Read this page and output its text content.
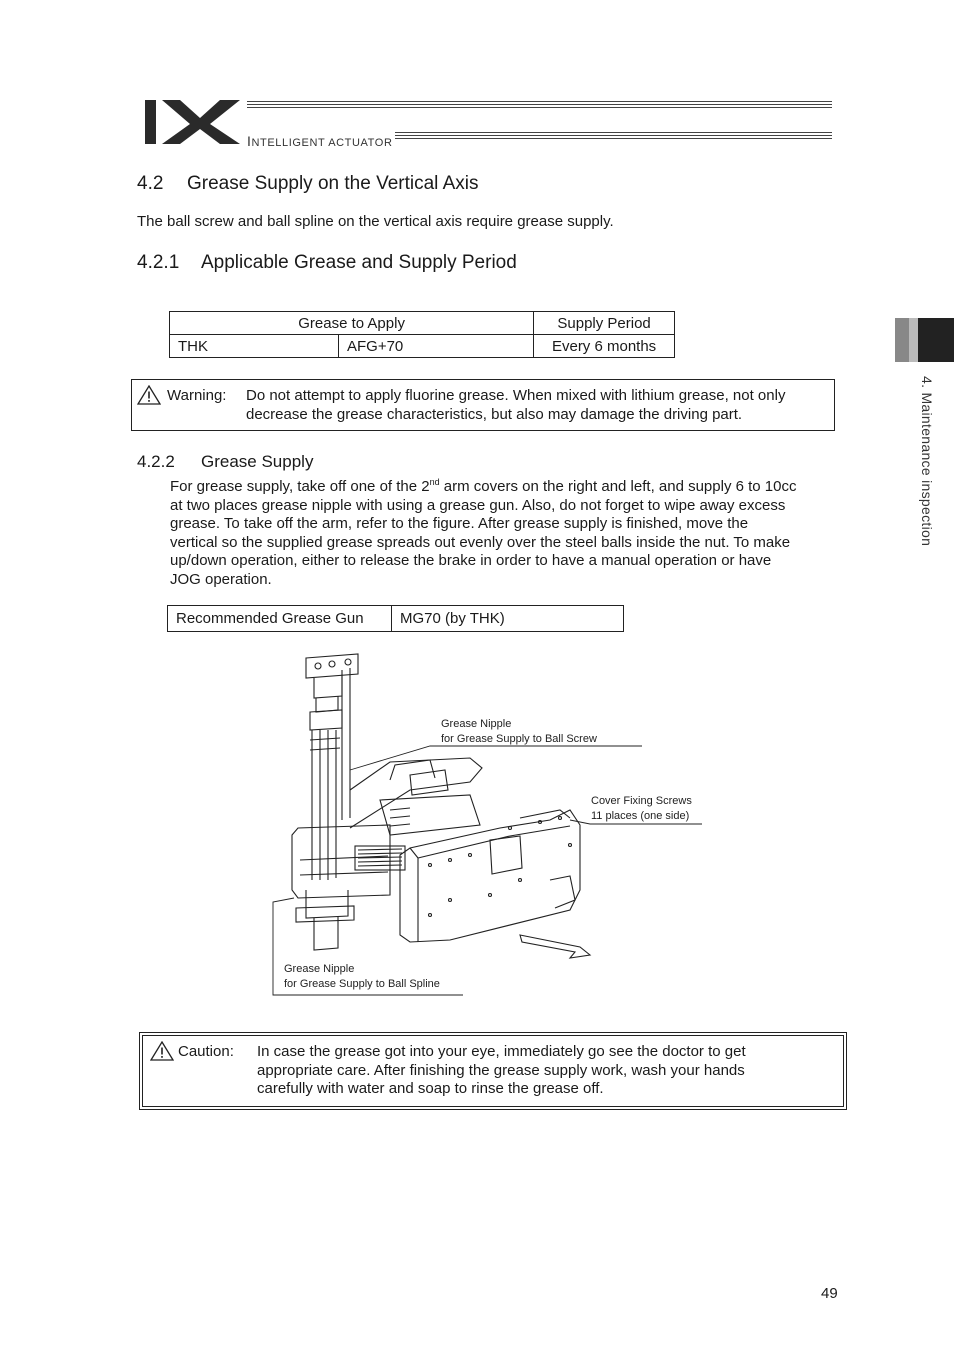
INTELLIGENT ACTUATOR
4.2 Grease Supply on the Vertical Axis
The ball screw and ball spline on the vertical axis require grease supply.
4.2.1 Applicable Grease and Supply Period
Grease to Apply		Supply Period
THK	AFG+70	Every 6 months
Warning: Do not attempt to apply fluorine grease. When mixed with lithium grease, not only
decrease the grease characteristics, but also may damage the driving part.
4.2.2 Grease Supply
For grease supply, take off one of the 2nd arm covers on the right and left, and supply 6 to 10cc
at two places grease nipple with using a grease gun. Also, do not forget to wipe away excess
grease. To take off the arm, refer to the figure. After grease supply is finished, move the
vertical so the supplied grease spreads out evenly over the steel balls inside the nut. To make
up/down operation, either to release the brake in order to have a manual operation or have
JOG operation.
Recommended Grease Gun	MG70 (by THK)
Grease Nipple
for Grease Supply to Ball Screw
Cover Fixing Screws
11 places (one side)
Grease Nipple
for Grease Supply to Ball Spline
Caution: In case the grease got into your eye, immediately go see the doctor to get
appropriate care. After finishing the grease supply work, wash your hands
carefully with water and soap to rinse the grease off.
4. Maintenance inspection
49
